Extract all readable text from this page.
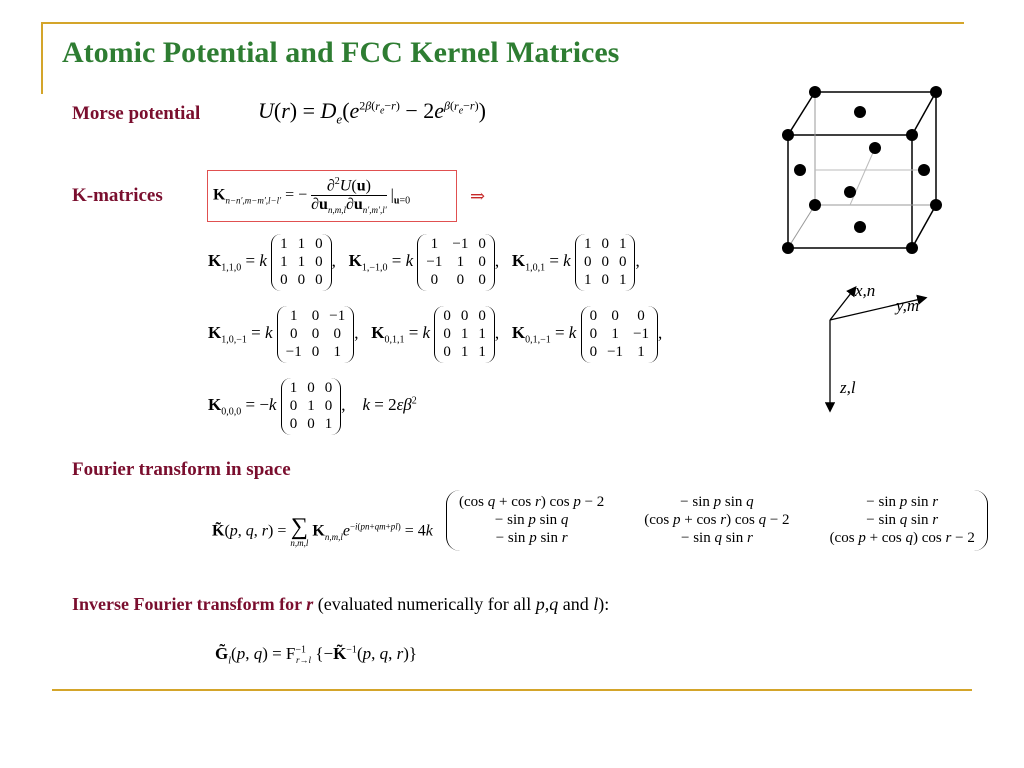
Atomic Potential and FCC Kernel Matrices
Morse potential	$U(r) = D_e(e^{2\beta(r_e-r)} - 2e^{\beta(r_e-r)})$
K-matrices	$K_{n-n',m-m',l-l'}$ = − $\frac{\partial^2U(u)}{\partial u_{n,m,l}\partial u_{n',m',l'}} |_{u=0}$	⇒
$K_{1,1,0} = k$
1 1 0
1 1 0
0 0 0
,   $K_{1,-1,0} = k$
1 −1 0
−1 1 0
0 0 0
,   $K_{1,0,1} = k$
1 0 1
0 0 0
1 0 1
,
$K_{1,0,-1} = k$
1 0 −1
0 0 0
−1 0 1
,   $K_{0,1,1} = k$
0 0 0
0 1 1
0 1 1
,   $K_{0,1,-1} = k$
0 0 0
0 1 −1
0 −1 1
,
$K_{0,0,0} = -k$
1 0 0
0 1 0
0 0 1
,    $k = 2\varepsilon\beta^2$
Fourier transform in space
K̃(p, q, r) = ∑
n,m,l
$K_{n,m,l}e^{-i(pn+qm+pl)} = 4k$
(cos q + cos r) cos p − 2	− sin p sin q	− sin p sin r
− sin p sin q	(cos p + cos r) cos q − 2	− sin q sin r
− sin p sin r	− sin q sin r	(cos p + cos q) cos r − 2
Inverse Fourier transform for r (evaluated numerically for all p,q and l):
$G̃_l(p$, $q) = F^{-1}_{r\to l}$ {−K̃$^{-1}$(p, q, r)}
x,n
y,m
z,l
